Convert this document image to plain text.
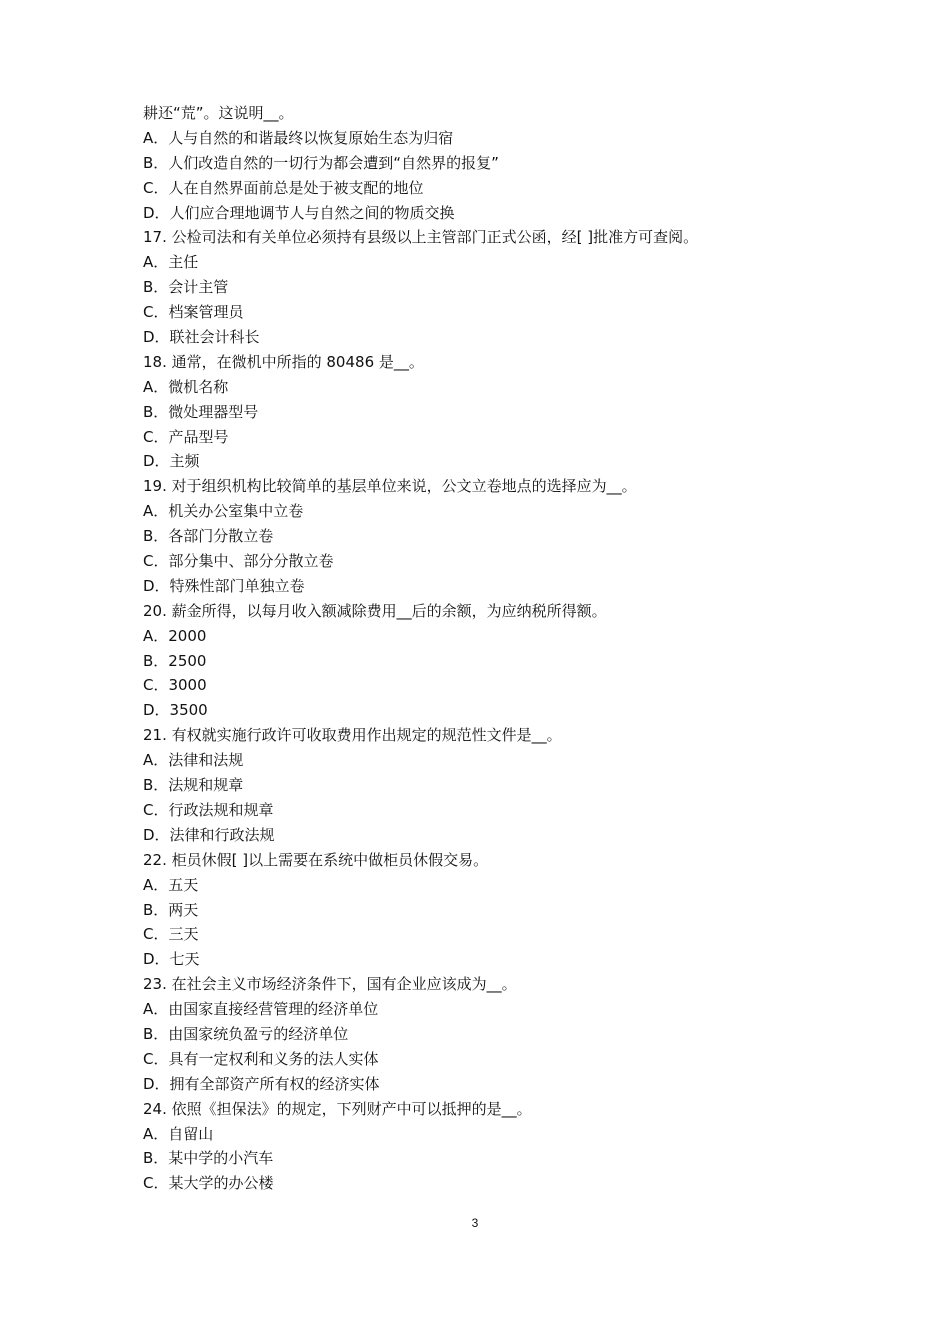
耕还“荒”。这说明__。
A．人与自然的和谐最终以恢复原始生态为归宿
B．人们改造自然的一切行为都会遭到“自然界的报复”
C．人在自然界面前总是处于被支配的地位
D．人们应合理地调节人与自然之间的物质交换
17. 公检司法和有关单位必须持有县级以上主管部门正式公函，经[ ]批准方可查阅。
A．主任
B．会计主管
C．档案管理员
D．联社会计科长
18. 通常，在微机中所指的 80486 是__。
A．微机名称
B．微处理器型号
C．产品型号
D．主频
19. 对于组织机构比较简单的基层单位来说，公文立卷地点的选择应为__。
A．机关办公室集中立卷
B．各部门分散立卷
C．部分集中、部分分散立卷
D．特殊性部门单独立卷
20. 薪金所得，以每月收入额减除费用__后的余额，为应纳税所得额。
A．2000
B．2500
C．3000
D．3500
21. 有权就实施行政许可收取费用作出规定的规范性文件是__。
A．法律和法规
B．法规和规章
C．行政法规和规章
D．法律和行政法规
22. 柜员休假[ ]以上需要在系统中做柜员休假交易。
A．五天
B．两天
C．三天
D．七天
23. 在社会主义市场经济条件下，国有企业应该成为__。
A．由国家直接经营管理的经济单位
B．由国家统负盈亏的经济单位
C．具有一定权利和义务的法人实体
D．拥有全部资产所有权的经济实体
24. 依照《担保法》的规定，下列财产中可以抵押的是__。
A．自留山
B．某中学的小汽车
C．某大学的办公楼
3
